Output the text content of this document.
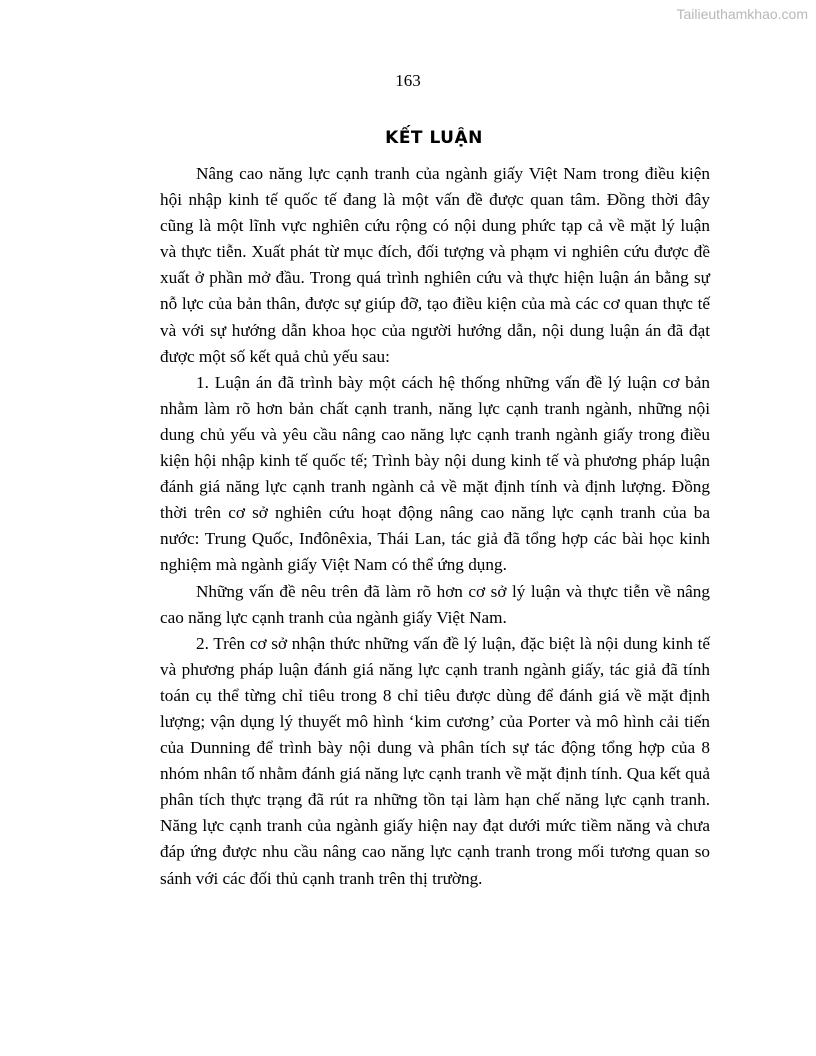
Tailieuthamkhao.com
163
KẾT LUẬN

Nâng cao năng lực cạnh tranh của ngành giấy Việt Nam trong điều kiện hội nhập kinh tế quốc tế đang là một vấn đề được quan tâm. Đồng thời đây cũng là một lĩnh vực nghiên cứu rộng có nội dung phức tạp cả về mặt lý luận và thực tiễn. Xuất phát từ mục đích, đối tượng và phạm vi nghiên cứu được đề xuất ở phần mở đầu. Trong quá trình nghiên cứu và thực hiện luận án bằng sự nỗ lực của bản thân, được sự giúp đỡ, tạo điều kiện của mà các cơ quan thực tế và với sự hướng dẫn khoa học của người hướng dẫn, nội dung luận án đã đạt được một số kết quả chủ yếu sau:

1. Luận án đã trình bày một cách hệ thống những vấn đề lý luận cơ bản nhằm làm rõ hơn bản chất cạnh tranh, năng lực cạnh tranh ngành, những nội dung chủ yếu và yêu cầu nâng cao năng lực cạnh tranh ngành giấy trong điều kiện hội nhập kinh tế quốc tế; Trình bày nội dung kinh tế và phương pháp luận đánh giá năng lực cạnh tranh ngành cả về mặt định tính và định lượng. Đồng thời trên cơ sở nghiên cứu hoạt động nâng cao năng lực cạnh tranh của ba nước: Trung Quốc, Inđônêxia, Thái Lan, tác giả đã tổng hợp các bài học kinh nghiệm mà ngành giấy Việt Nam có thể ứng dụng.

Những vấn đề nêu trên đã làm rõ hơn cơ sở lý luận và thực tiễn về nâng cao năng lực cạnh tranh của ngành giấy Việt Nam.

2. Trên cơ sở nhận thức những vấn đề lý luận, đặc biệt là nội dung kinh tế và phương pháp luận đánh giá năng lực cạnh tranh ngành giấy, tác giả đã tính toán cụ thể từng chỉ tiêu trong 8 chỉ tiêu được dùng để đánh giá về mặt định lượng; vận dụng lý thuyết mô hình ‘kim cương’ của Porter và mô hình cải tiến của Dunning để trình bày nội dung và phân tích sự tác động tổng hợp của 8 nhóm nhân tố nhằm đánh giá năng lực cạnh tranh về mặt định tính. Qua kết quả phân tích thực trạng đã rút ra những tồn tại làm hạn chế năng lực cạnh tranh. Năng lực cạnh tranh của ngành giấy hiện nay đạt dưới mức tiềm năng và chưa đáp ứng được nhu cầu nâng cao năng lực cạnh tranh trong mối tương quan so sánh với các đối thủ cạnh tranh trên thị trường.
